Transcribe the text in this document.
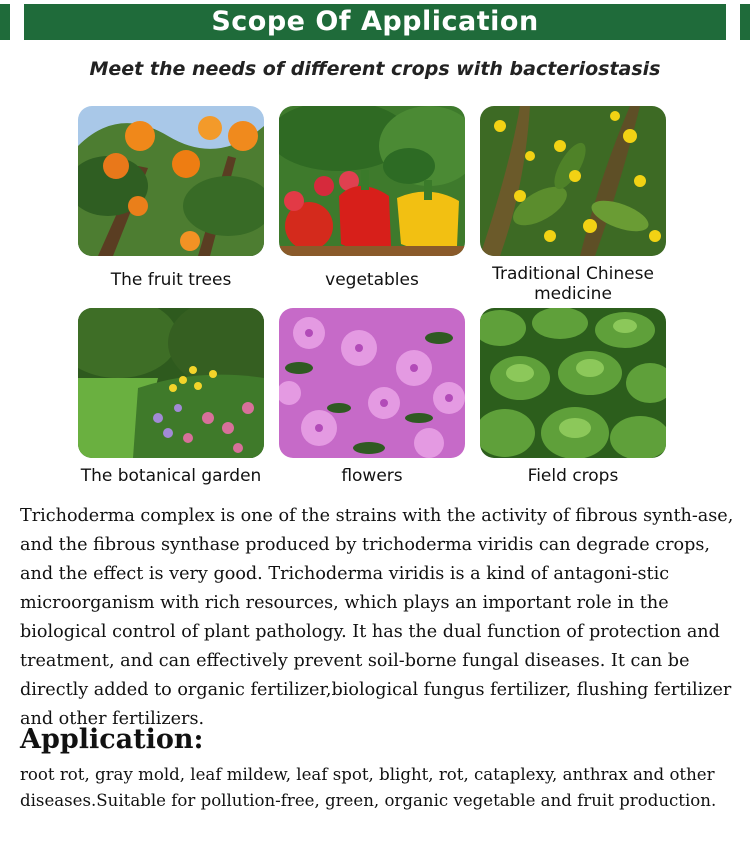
Scope Of Application
Meet the needs of different crops with bacteriostasis
The fruit trees	vegetables	Traditional Chinese medicine
The botanical garden	flowers	Field crops

Trichoderma complex is one of the strains with the activity of fibrous synth-ase, and the fibrous synthase produced by trichoderma viridis can degrade crops, and the effect is very good. Trichoderma viridis is a kind of antagoni-stic microorganism with rich resources, which plays an important role in the biological control of plant pathology. It has the dual function of protection and treatment, and can effectively prevent soil-borne fungal diseases. It can be directly added to organic fertilizer,biological fungus fertilizer, flushing fertilizer and other fertilizers.

Application:

root rot, gray mold, leaf mildew, leaf spot, blight, rot, cataplexy, anthrax and other diseases.Suitable for pollution-free, green, organic vegetable and fruit production.
